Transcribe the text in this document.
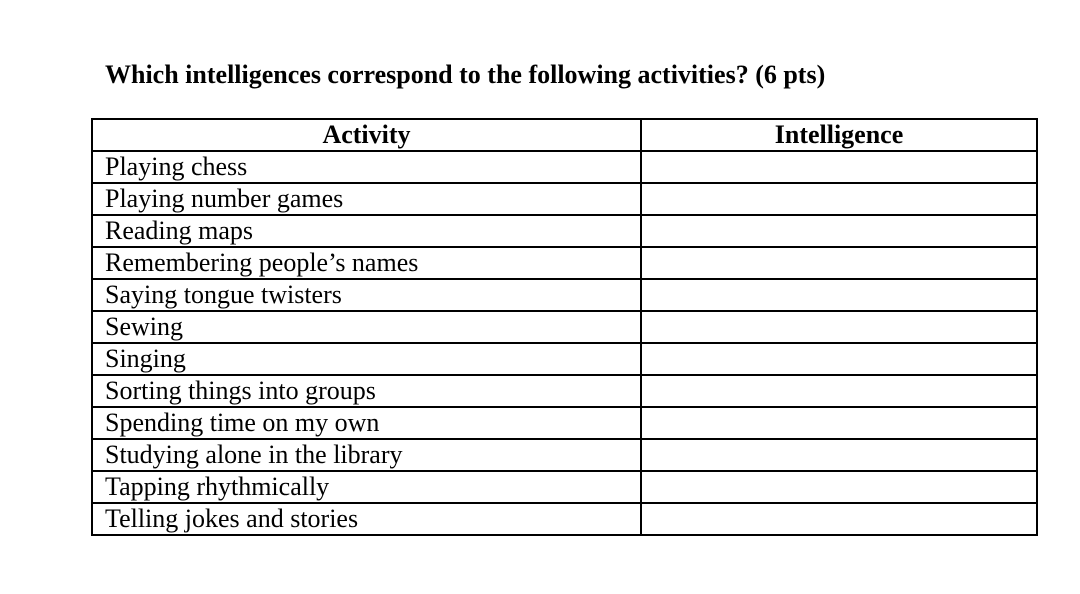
Which intelligences correspond to the following activities? (6 pts)

Activity	Intelligence
Playing chess	
Playing number games	
Reading maps	
Remembering people’s names	
Saying tongue twisters	
Sewing	
Singing	
Sorting things into groups	
Spending time on my own	
Studying alone in the library	
Tapping rhythmically	
Telling jokes and stories	
